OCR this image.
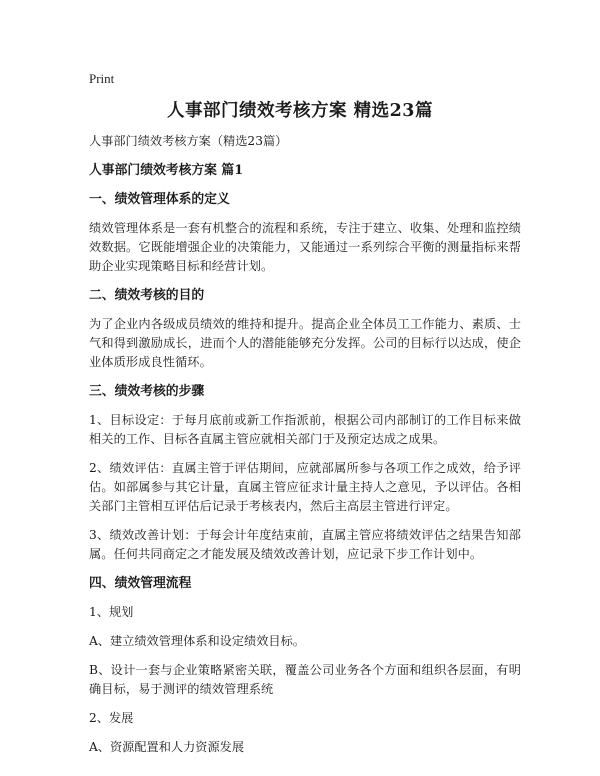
Print
人事部门绩效考核方案 精选23篇

人事部门绩效考核方案（精选23篇）

人事部门绩效考核方案 篇1

一、绩效管理体系的定义

绩效管理体系是一套有机整合的流程和系统，专注于建立、收集、处理和监控绩效数据。它既能增强企业的决策能力，又能通过一系列综合平衡的测量指标来帮助企业实现策略目标和经营计划。

二、绩效考核的目的

为了企业内各级成员绩效的维持和提升。提高企业全体员工工作能力、素质、士气和得到激励成长，进而个人的潜能能够充分发挥。公司的目标行以达成，使企业体质形成良性循环。

三、绩效考核的步骤

1、目标设定：于每月底前或新工作指派前，根据公司内部制订的工作目标来做相关的工作、目标各直属主管应就相关部门于及预定达成之成果。

2、绩效评估：直属主管于评估期间，应就部属所参与各项工作之成效，给予评估。如部属参与其它计量，直属主管应征求计量主持人之意见，予以评估。各相关部门主管相互评估后记录于考核表内，然后主高层主管进行评定。

3、绩效改善计划：于每会计年度结束前，直属主管应将绩效评估之结果告知部属。任何共同商定之才能发展及绩效改善计划，应记录下步工作计划中。

四、绩效管理流程

1、规划

A、建立绩效管理体系和设定绩效目标。

B、设计一套与企业策略紧密关联，覆盖公司业务各个方面和组织各层面，有明确目标，易于测评的绩效管理系统

2、发展

A、资源配置和人力资源发展
